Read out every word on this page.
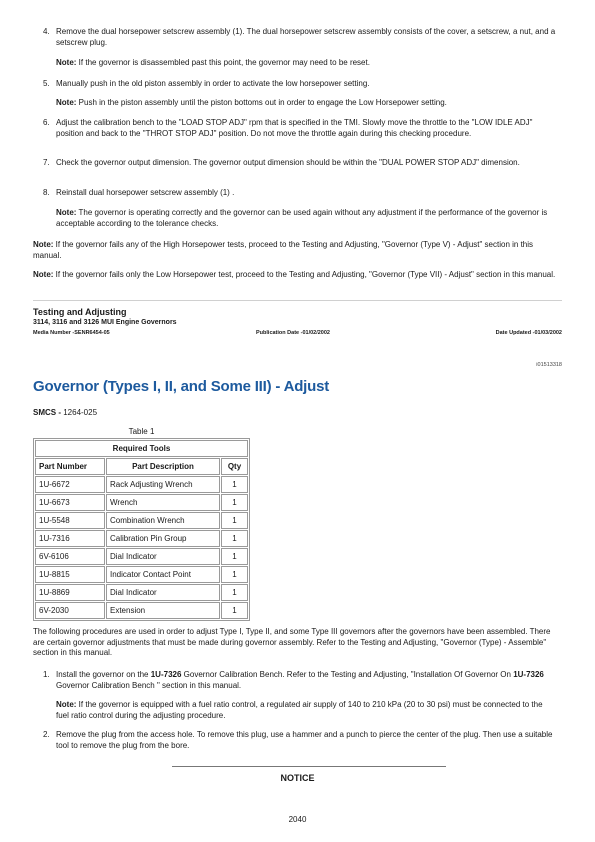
4. Remove the dual horsepower setscrew assembly (1). The dual horsepower setscrew assembly consists of the cover, a setscrew, a nut, and a setscrew plug.
Note: If the governor is disassembled past this point, the governor may need to be reset.
5. Manually push in the old piston assembly in order to activate the low horsepower setting.
Note: Push in the piston assembly until the piston bottoms out in order to engage the Low Horsepower setting.
6. Adjust the calibration bench to the "LOAD STOP ADJ" rpm that is specified in the TMI. Slowly move the throttle to the "LOW IDLE ADJ" position and back to the "THROT STOP ADJ" position. Do not move the throttle again during this checking procedure.
7. Check the governor output dimension. The governor output dimension should be within the "DUAL POWER STOP ADJ" dimension.
8. Reinstall dual horsepower setscrew assembly (1) .
Note: The governor is operating correctly and the governor can be used again without any adjustment if the performance of the governor is acceptable according to the tolerance checks.
Note: If the governor fails any of the High Horsepower tests, proceed to the Testing and Adjusting, "Governor (Type V) - Adjust" section in this manual.
Note: If the governor fails only the Low Horsepower test, proceed to the Testing and Adjusting, "Governor (Type VII) - Adjust" section in this manual.
Testing and Adjusting
3114, 3116 and 3126 MUI Engine Governors
Media Number -SENR6454-05	Publication Date -01/02/2002	Date Updated -01/03/2002
i01513318
Governor (Types I, II, and Some III) - Adjust
SMCS - 1264-025
Table 1
Required Tools		
Part Number	Part Description	Qty
1U-6672	Rack Adjusting Wrench	1
1U-6673	Wrench	1
1U-5548	Combination Wrench	1
1U-7316	Calibration Pin Group	1
6V-6106	Dial Indicator	1
1U-8815	Indicator Contact Point	1
1U-8869	Dial Indicator	1
6V-2030	Extension	1
The following procedures are used in order to adjust Type I, Type II, and some Type III governors after the governors have been assembled. There are certain governor adjustments that must be made during governor assembly. Refer to the Testing and Adjusting, "Governor (Type) - Assemble" section in this manual.
1. Install the governor on the 1U-7326 Governor Calibration Bench. Refer to the Testing and Adjusting, "Installation Of Governor On 1U-7326 Governor Calibration Bench " section in this manual.
Note: If the governor is equipped with a fuel ratio control, a regulated air supply of 140 to 210 kPa (20 to 30 psi) must be connected to the fuel ratio control during the adjusting procedure.
2. Remove the plug from the access hole. To remove this plug, use a hammer and a punch to pierce the center of the plug. Then use a suitable tool to remove the plug from the bore.
NOTICE
2040
